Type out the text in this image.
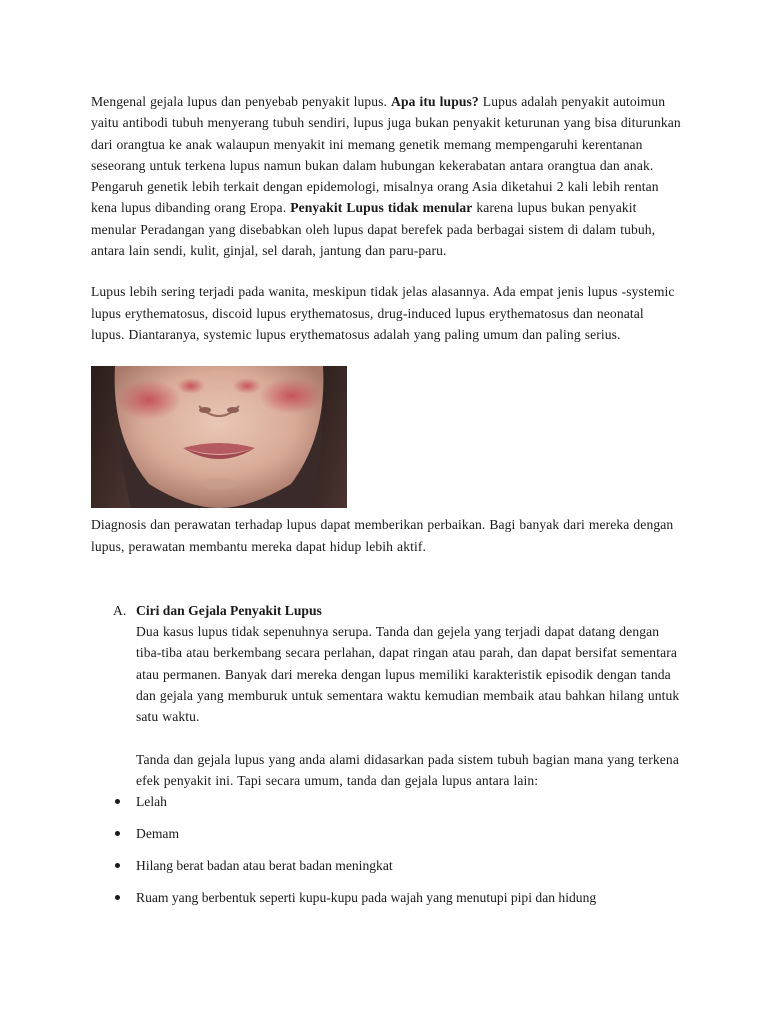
Mengenal gejala lupus dan penyebab penyakit lupus. Apa itu lupus? Lupus adalah penyakit autoimun yaitu antibodi tubuh menyerang tubuh sendiri, lupus juga bukan penyakit keturunan yang bisa diturunkan dari orangtua ke anak walaupun menyakit ini memang genetik memang mempengaruhi kerentanan seseorang untuk terkena lupus namun bukan dalam hubungan kekerabatan antara orangtua dan anak. Pengaruh genetik lebih terkait dengan epidemologi, misalnya orang Asia diketahui 2 kali lebih rentan kena lupus dibanding orang Eropa. Penyakit Lupus tidak menular karena lupus bukan penyakit menular Peradangan yang disebabkan oleh lupus dapat berefek pada berbagai sistem di dalam tubuh, antara lain sendi, kulit, ginjal, sel darah, jantung dan paru-paru.

Lupus lebih sering terjadi pada wanita, meskipun tidak jelas alasannya. Ada empat jenis lupus -systemic lupus erythematosus, discoid lupus erythematosus, drug-induced lupus erythematosus dan neonatal lupus. Diantaranya, systemic lupus erythematosus adalah yang paling umum dan paling serius.

Diagnosis dan perawatan terhadap lupus dapat memberikan perbaikan. Bagi banyak dari mereka dengan lupus, perawatan membantu mereka dapat hidup lebih aktif.

A. Ciri dan Gejala Penyakit Lupus

Dua kasus lupus tidak sepenuhnya serupa. Tanda dan gejela yang terjadi dapat datang dengan tiba-tiba atau berkembang secara perlahan, dapat ringan atau parah, dan dapat bersifat sementara atau permanen. Banyak dari mereka dengan lupus memiliki karakteristik episodik dengan tanda dan gejala yang memburuk untuk sementara waktu kemudian membaik atau bahkan hilang untuk satu waktu.

Tanda dan gejala lupus yang anda alami didasarkan pada sistem tubuh bagian mana yang terkena efek penyakit ini. Tapi secara umum, tanda dan gejala lupus antara lain:

Lelah
Demam
Hilang berat badan atau berat badan meningkat
Ruam yang berbentuk seperti kupu-kupu pada wajah yang menutupi pipi dan hidung
